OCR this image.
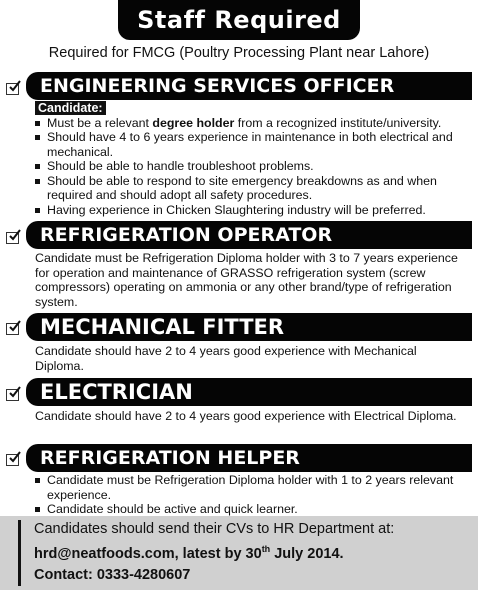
Staff Required
Required for FMCG (Poultry Processing Plant near Lahore)
ENGINEERING SERVICES OFFICER
Candidate:
Must be a relevant degree holder from a recognized institute/university.
Should have 4 to 6 years experience in maintenance in both electrical and mechanical.
Should be able to handle troubleshoot problems.
Should be able to respond to site emergency breakdowns as and when required and should adopt all safety procedures.
Having experience in Chicken Slaughtering industry will be preferred.
REFRIGERATION OPERATOR

Candidate must be Refrigeration Diploma holder with 3 to 7 years experience for operation and maintenance of GRASSO refrigeration system (screw compressors) operating on ammonia or any other brand/type of refrigeration system.

MECHANICAL FITTER

Candidate should have 2 to 4 years good experience with Mechanical Diploma.

ELECTRICIAN

Candidate should have 2 to 4 years good experience with Electrical Diploma.

REFRIGERATION HELPER
Candidate must be Refrigeration Diploma holder with 1 to 2 years relevant experience.
Candidate should be active and quick learner.
Candidates should send their CVs to HR Department at:
hrd@neatfoods.com, latest by 30th July 2014.
Contact: 0333-4280607
